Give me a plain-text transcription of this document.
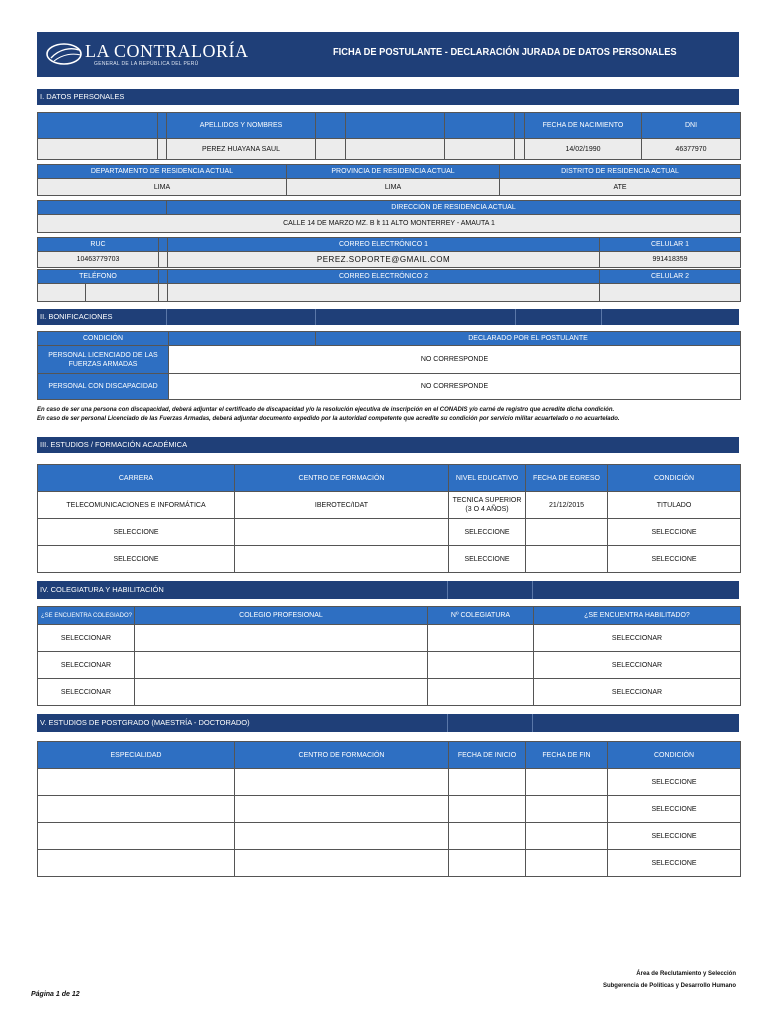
LA CONTRALORÍA
GENERAL DE LA REPÚBLICA DEL PERÚ
FICHA DE POSTULANTE - DECLARACIÓN JURADA DE DATOS PERSONALES
I. DATOS PERSONALES
		APELLIDOS Y NOMBRES					FECHA DE NACIMIENTO	DNI
		PEREZ HUAYANA SAUL					14/02/1990	46377970
DEPARTAMENTO DE RESIDENCIA ACTUAL	PROVINCIA DE RESIDENCIA ACTUAL	DISTRITO DE RESIDENCIA ACTUAL
LIMA	LIMA	ATE
	DIRECCIÓN DE RESIDENCIA ACTUAL
CALLE 14 DE MARZO MZ. B lt 11 ALTO MONTERREY - AMAUTA 1
RUC			CORREO ELECTRÓNICO 1	CELULAR 1
10463779703			PEREZ.SOPORTE@GMAIL.COM	991418359

TELÉFONO			CORREO ELECTRÓNICO 2	CELULAR 2

II. BONIFICACIONES
CONDICIÓN		DECLARADO POR EL POSTULANTE
PERSONAL LICENCIADO DE LAS FUERZAS ARMADAS	NO CORRESPONDE	
PERSONAL CON DISCAPACIDAD	NO CORRESPONDE	
En caso de ser una persona con discapacidad, deberá adjuntar el certificado de discapacidad y/o la resolución ejecutiva de inscripción en el CONADIS y/o carné de registro que acredite dicha condición.
En caso de ser personal Licenciado de las Fuerzas Armadas, deberá adjuntar documento expedido por la autoridad competente que acredite su condición por servicio militar acuartelado o no acuartelado.
III. ESTUDIOS / FORMACIÓN ACADÉMICA
CARRERA	CENTRO DE FORMACIÓN	NIVEL EDUCATIVO	FECHA DE EGRESO	CONDICIÓN
TELECOMUNICACIONES E INFORMÁTICA	IBEROTEC/IDAT	TECNICA SUPERIOR (3 O 4 AÑOS)	21/12/2015	TITULADO
SELECCIONE		SELECCIONE		SELECCIONE
SELECCIONE		SELECCIONE		SELECCIONE
IV. COLEGIATURA Y HABILITACIÓN
¿SE ENCUENTRA COLEGIADO?	COLEGIO PROFESIONAL	Nº COLEGIATURA	¿SE ENCUENTRA HABILITADO?
SELECCIONAR			SELECCIONAR
SELECCIONAR			SELECCIONAR
SELECCIONAR			SELECCIONAR
V. ESTUDIOS DE POSTGRADO (MAESTRÍA - DOCTORADO)
ESPECIALIDAD	CENTRO DE FORMACIÓN	FECHA DE INICIO	FECHA DE FIN	CONDICIÓN
				SELECCIONE
				SELECCIONE
				SELECCIONE
				SELECCIONE
Área de Reclutamiento y Selección
Subgerencia de Políticas y Desarrollo Humano
Página 1 de 12
